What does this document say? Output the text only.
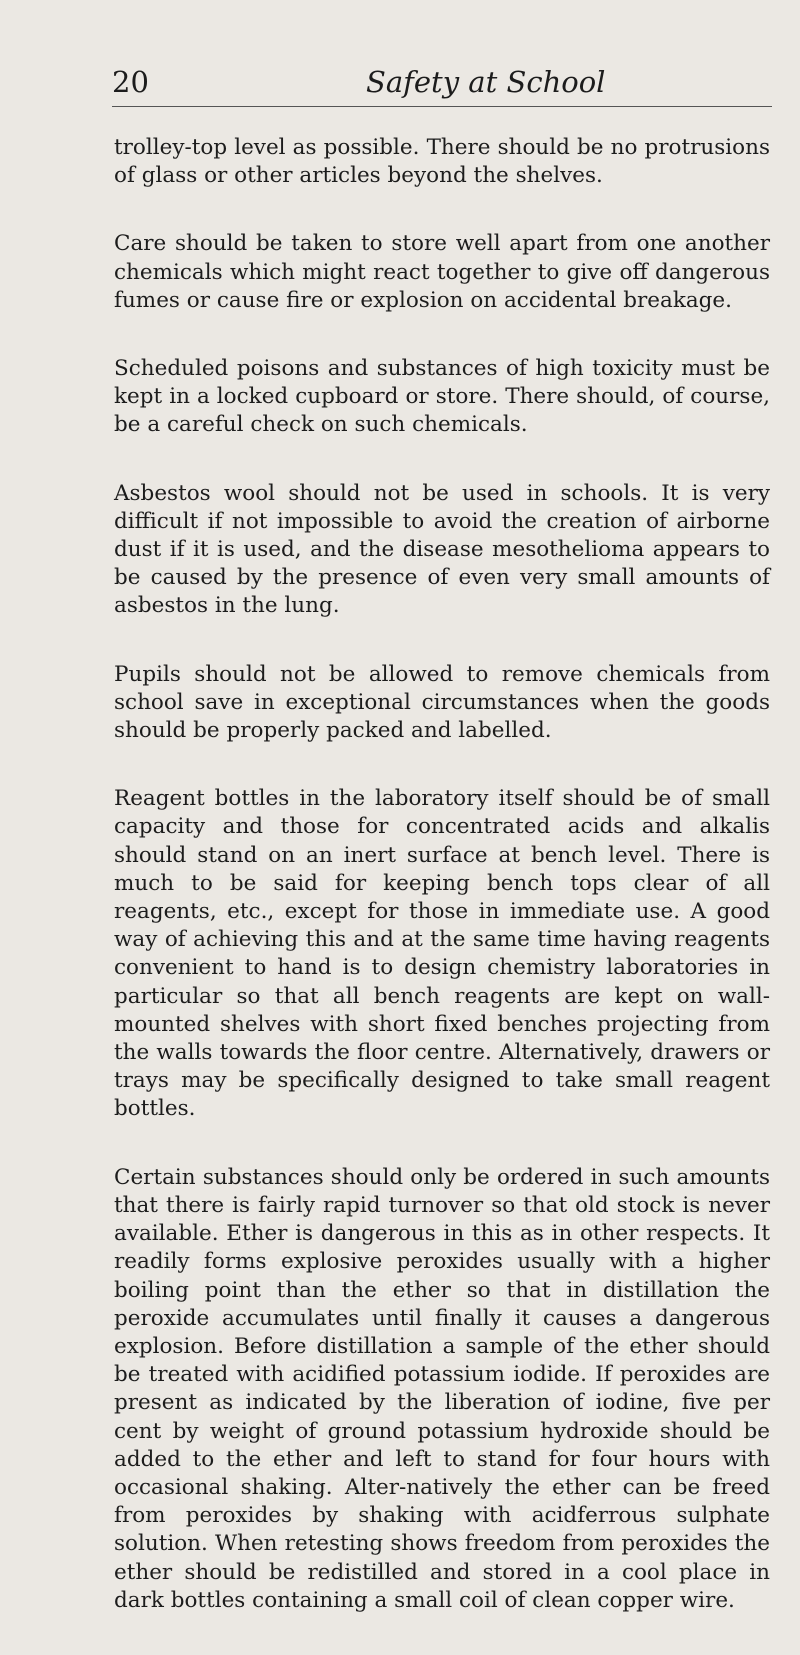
20	Safety at School

trolley-top level as possible. There should be no protrusions of glass or other articles beyond the shelves.

Care should be taken to store well apart from one another chemicals which might react together to give off dangerous fumes or cause fire or explosion on accidental breakage.

Scheduled poisons and substances of high toxicity must be kept in a locked cupboard or store. There should, of course, be a careful check on such chemicals.

Asbestos wool should not be used in schools. It is very difficult if not impossible to avoid the creation of airborne dust if it is used, and the disease mesothelioma appears to be caused by the presence of even very small amounts of asbestos in the lung.

Pupils should not be allowed to remove chemicals from school save in exceptional circumstances when the goods should be properly packed and labelled.

Reagent bottles in the laboratory itself should be of small capacity and those for concentrated acids and alkalis should stand on an inert surface at bench level. There is much to be said for keeping bench tops clear of all reagents, etc., except for those in immediate use. A good way of achieving this and at the same time having reagents convenient to hand is to design chemistry laboratories in particular so that all bench reagents are kept on wall-mounted shelves with short fixed benches projecting from the walls towards the floor centre. Alternatively, drawers or trays may be specifically designed to take small reagent bottles.

Certain substances should only be ordered in such amounts that there is fairly rapid turnover so that old stock is never available. Ether is dangerous in this as in other respects. It readily forms explosive peroxides usually with a higher boiling point than the ether so that in distillation the peroxide accumulates until finally it causes a dangerous explosion. Before distillation a sample of the ether should be treated with acidified potassium iodide. If peroxides are present as indicated by the liberation of iodine, five per cent by weight of ground potassium hydroxide should be added to the ether and left to stand for four hours with occasional shaking. Alter-natively the ether can be freed from peroxides by shaking with acidferrous sulphate solution. When retesting shows freedom from peroxides the ether should be redistilled and stored in a cool place in dark bottles containing a small coil of clean copper wire.
